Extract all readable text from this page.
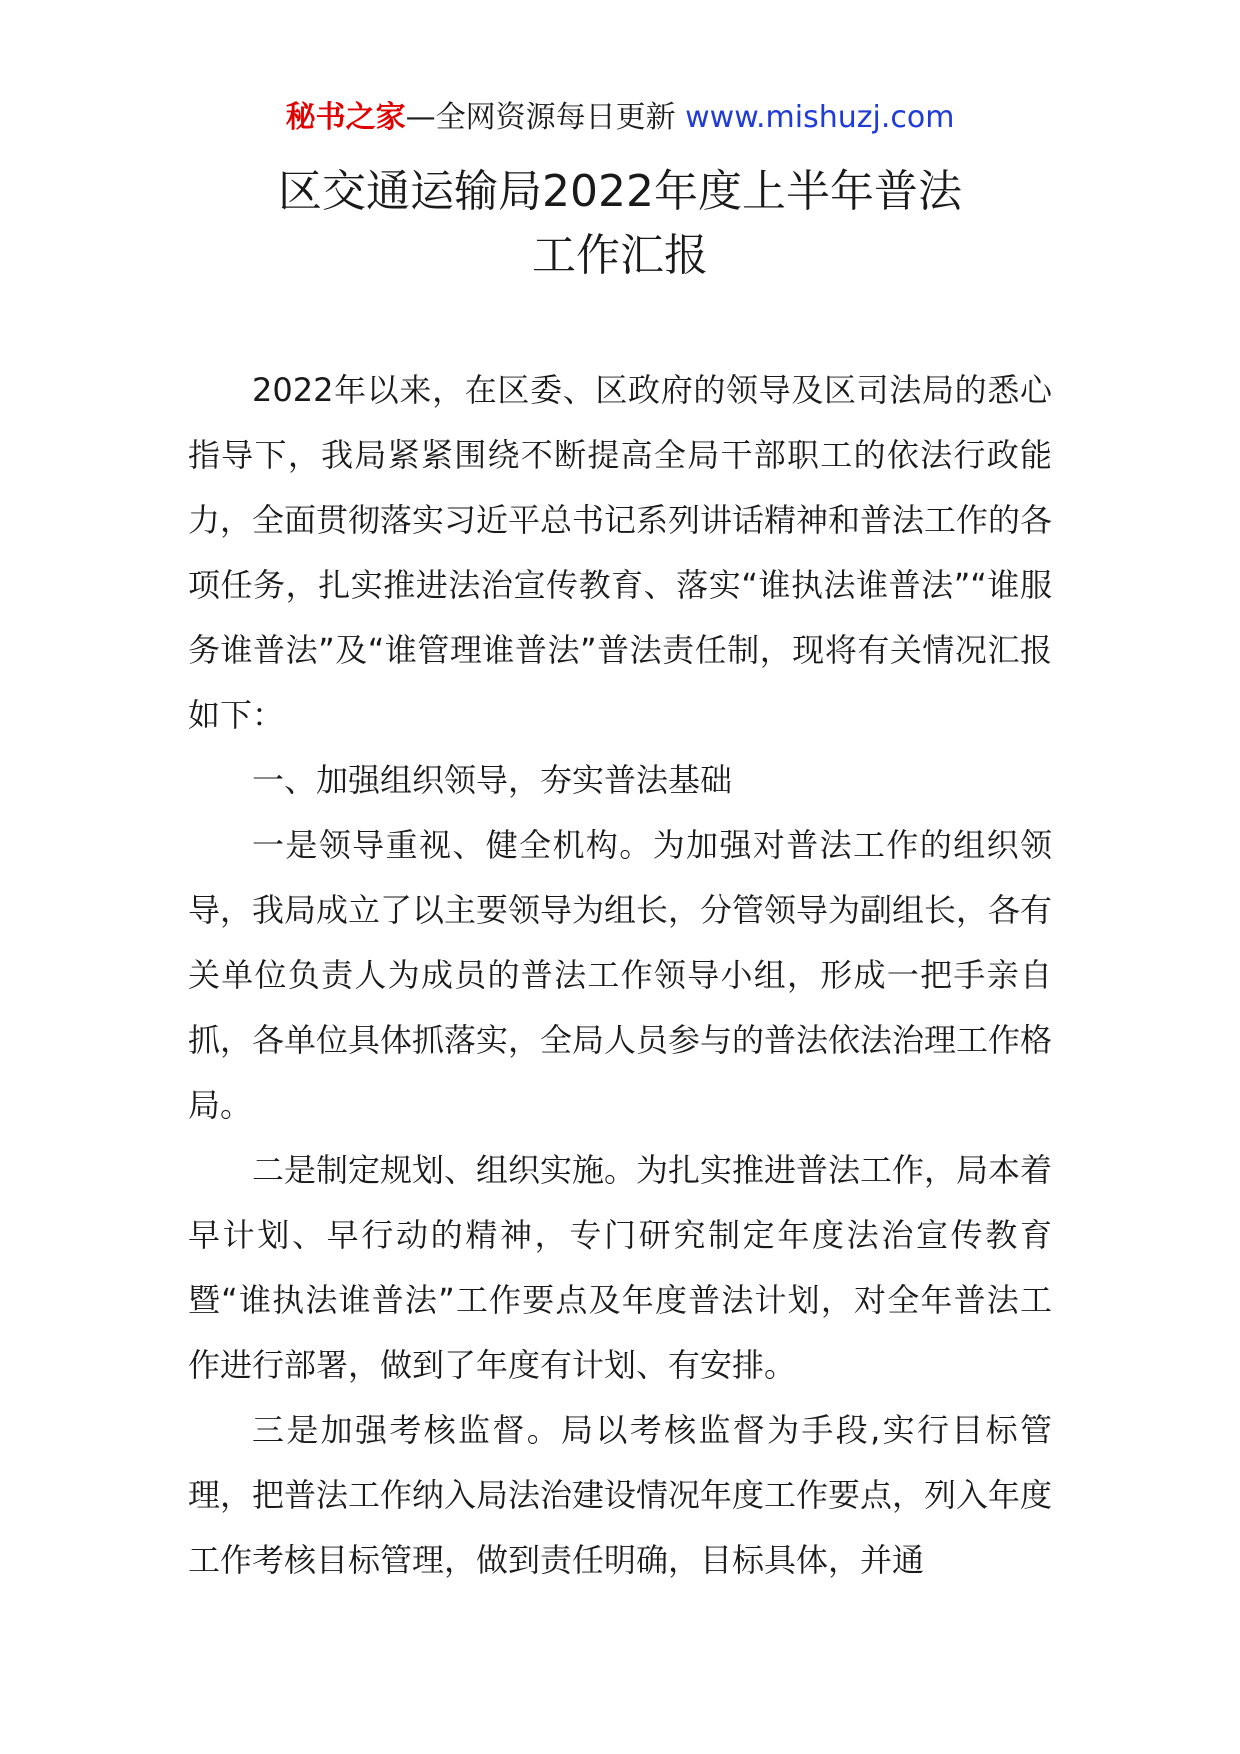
秘书之家—全网资源每日更新 www.mishuzj.com
区交通运输局2022年度上半年普法
工作汇报

2022年以来，在区委、区政府的领导及区司法局的悉心指导下，我局紧紧围绕不断提高全局干部职工的依法行政能力，全面贯彻落实习近平总书记系列讲话精神和普法工作的各项任务，扎实推进法治宣传教育、落实“谁执法谁普法”“谁服务谁普法”及“谁管理谁普法”普法责任制，现将有关情况汇报如下：

一、加强组织领导，夯实普法基础

一是领导重视、健全机构。为加强对普法工作的组织领导，我局成立了以主要领导为组长，分管领导为副组长，各有关单位负责人为成员的普法工作领导小组，形成一把手亲自抓，各单位具体抓落实，全局人员参与的普法依法治理工作格局。

二是制定规划、组织实施。为扎实推进普法工作，局本着早计划、早行动的精神，专门研究制定年度法治宣传教育暨“谁执法谁普法”工作要点及年度普法计划，对全年普法工作进行部署，做到了年度有计划、有安排。

三是加强考核监督。局以考核监督为手段,实行目标管理，把普法工作纳入局法治建设情况年度工作要点，列入年度工作考核目标管理，做到责任明确，目标具体，并通
